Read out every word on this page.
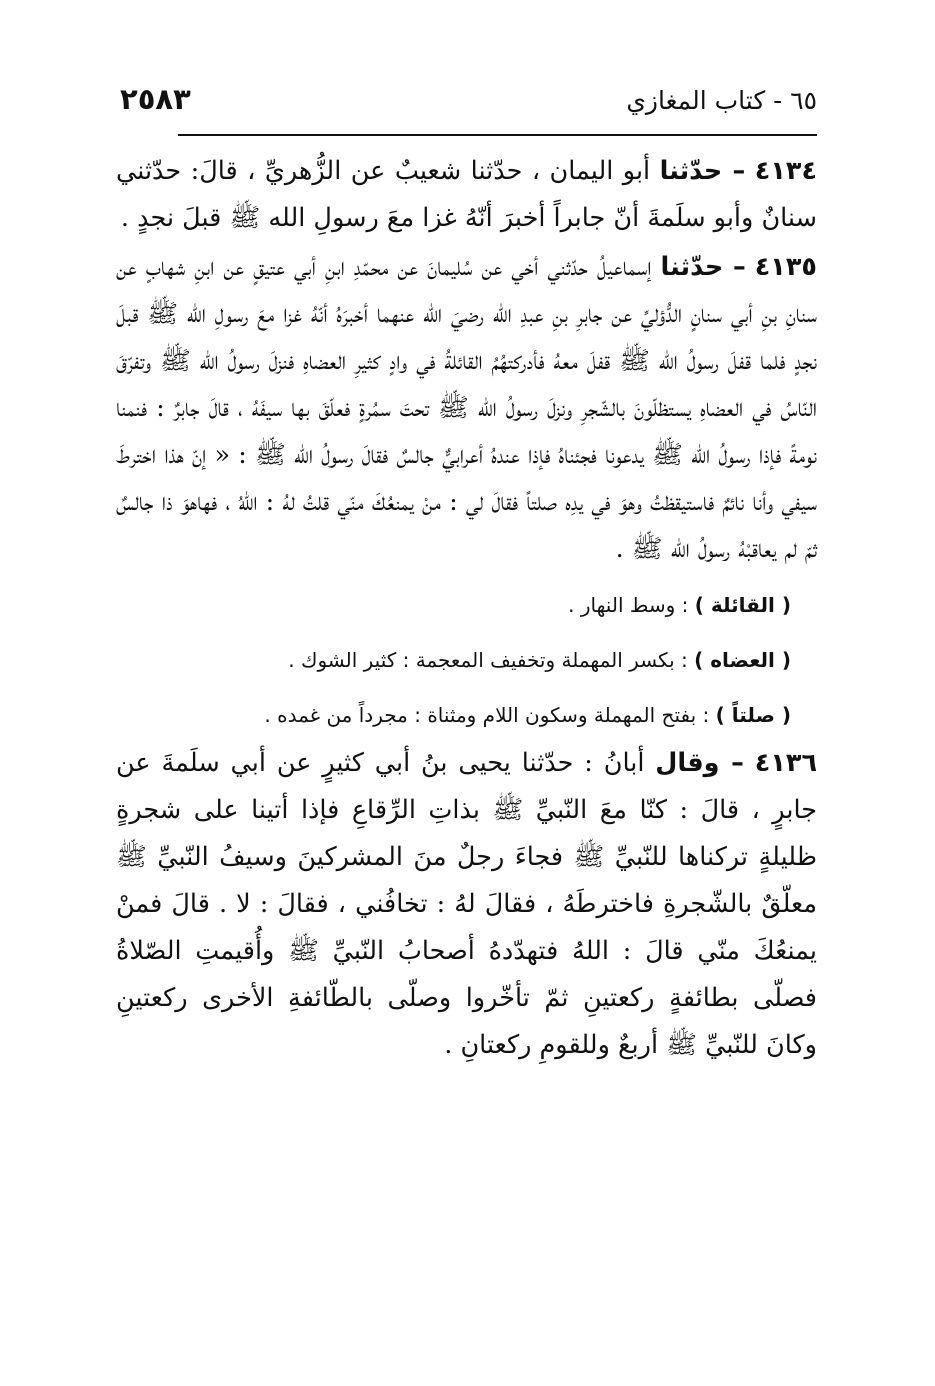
٦٥ - كتاب المغازي
٢٥٨٣

٤١٣٤ – حدّثنا أبو اليمان ، حدّثنا شعيبٌ عن الزُّهريِّ ، قالَ: حدّثني سنانٌ وأبو سلَمةَ أنّ جابراً أخبرَ أنّهُ غزا معَ رسولِ الله ﷺ قبلَ نجدٍ .

٤١٣٥ – حدّثنا إسماعيلُ حدّثني أخي عن سُليمانَ عن محمّدِ ابنِ أبي عتيقٍ عن ابنِ شهابٍ عن سنانِ بنِ أبي سنانٍ الدُّؤليِّ عن جابرِ بنِ عبدِ الله رضيَ الله عنهما أخبرَهُ أنّهُ غزا معَ رسولِ الله ﷺ قبلَ نجدٍ فلما قفلَ رسولُ الله ﷺ قفلَ معهُ فأدركتهُمُ القائلةُ في وادٍ كثيرِ العضاهِ فنزلَ رسولُ الله ﷺ وتفرّقَ النّاسُ في العضاهِ يستظلّونَ بالشّجرِ ونزلَ رسولُ الله ﷺ تحتَ سمُرةٍ فعلّقَ بها سيفَهُ ، قالَ جابرٌ : فنمنا نومةً فإذا رسولُ الله ﷺ يدعونا فجئناهُ فإذا عندهُ أعرابيٌّ جالسٌ فقالَ رسولُ الله ﷺ : « إنّ هذا اخترطَ سيفي وأنا نائمٌ فاستيقظتُ وهوَ في يدِه صلتاً فقالَ لي : منْ يمنعُكَ منّي قلتُ لهُ : اللهُ ، فهاهوَ ذا جالسٌ ثمّ لم يعاقبْهُ رسولُ الله ﷺ .

( القائلة ) : وسط النهار .

( العضاه ) : بكسر المهملة وتخفيف المعجمة : كثير الشوك .

( صلتاً ) : بفتح المهملة وسكون اللام ومثناة : مجرداً من غمده .

٤١٣٦ – وقال أبانُ : حدّثنا يحيى بنُ أبي كثيرٍ عن أبي سلَمةَ عن جابرٍ ، قالَ : كنّا معَ النّبيِّ ﷺ بذاتِ الرِّقاعِ فإذا أتينا على شجرةٍ ظليلةٍ تركناها للنّبيِّ ﷺ فجاءَ رجلٌ منَ المشركينَ وسيفُ النّبيِّ ﷺ معلّقٌ بالشّجرةِ فاخترطَهُ ، فقالَ لهُ : تخافُني ، فقالَ : لا . قالَ فمنْ يمنعُكَ منّي قالَ : اللهُ فتهدّدهُ أصحابُ النّبيِّ ﷺ وأُقيمتِ الصّلاةُ فصلّى بطائفةٍ ركعتينِ ثمّ تأخّروا وصلّى بالطّائفةِ الأخرى ركعتينِ وكانَ للنّبيِّ ﷺ أربعٌ وللقومِ ركعتانِ .
